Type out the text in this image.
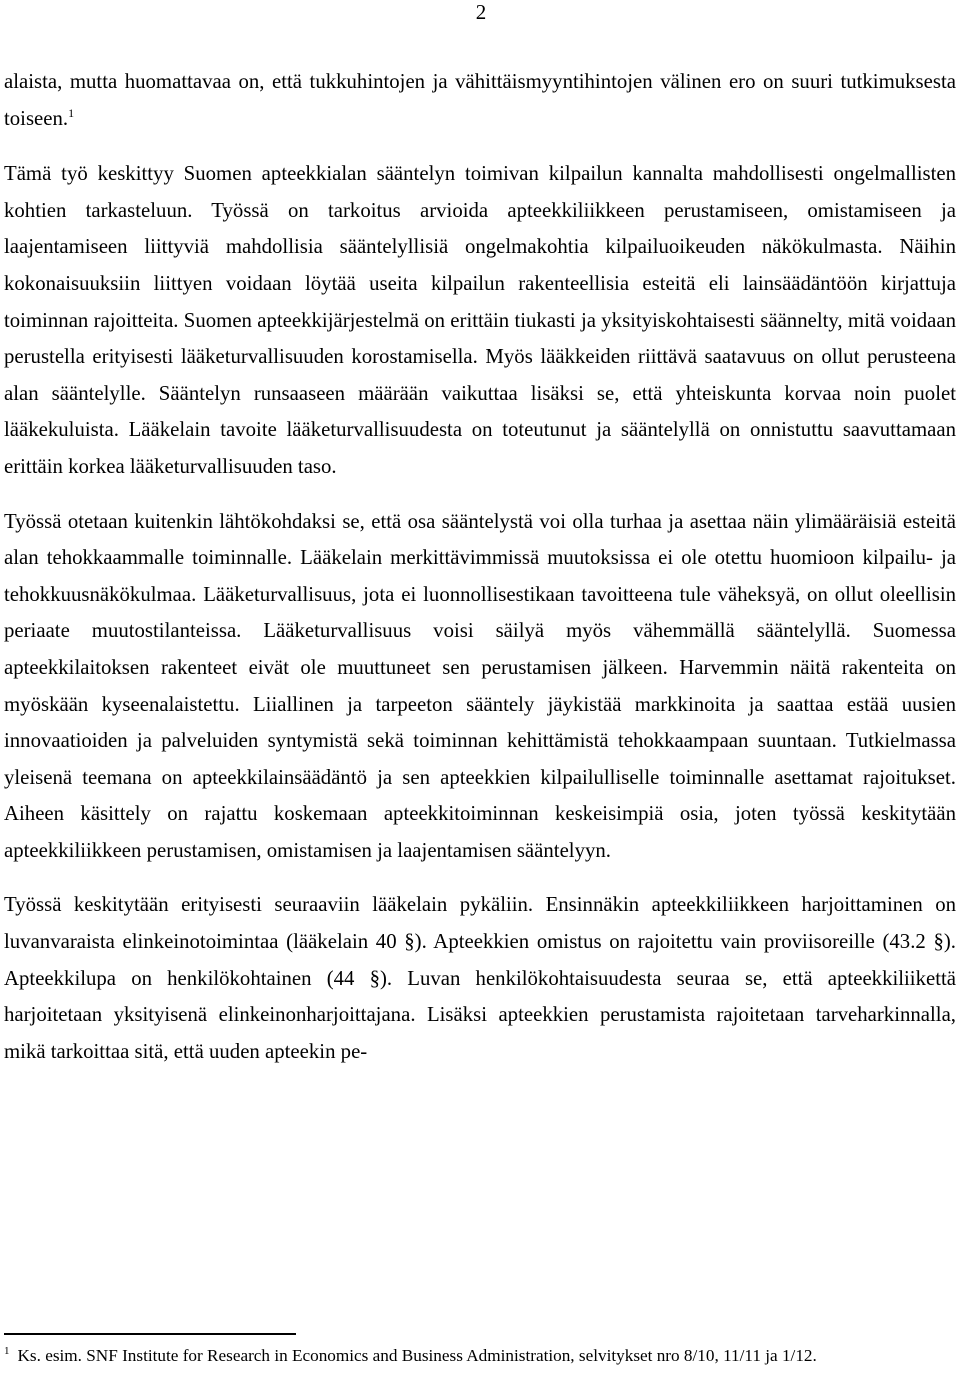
2

alaista, mutta huomattavaa on, että tukkuhintojen ja vähittäismyyntihintojen välinen ero on suuri tutkimuksesta toiseen.$^1$

Tämä työ keskittyy Suomen apteekkialan sääntelyn toimivan kilpailun kannalta mahdollisesti ongelmallisten kohtien tarkasteluun. Työssä on tarkoitus arvioida apteekkiliikkeen perustamiseen, omistamiseen ja laajentamiseen liittyviä mahdollisia sääntelyllisiä ongelmakohtia kilpailuoikeuden näkökulmasta. Näihin kokonaisuuksiin liittyen voidaan löytää useita kilpailun rakenteellisia esteitä eli lainsäädäntöön kirjattuja toiminnan rajoitteita. Suomen apteekkijärjestelmä on erittäin tiukasti ja yksityiskohtaisesti säännelty, mitä voidaan perustella erityisesti lääketurvallisuuden korostamisella. Myös lääkkeiden riittävä saatavuus on ollut perusteena alan sääntelylle. Sääntelyn runsaaseen määrään vaikuttaa lisäksi se, että yhteiskunta korvaa noin puolet lääkekuluista. Lääkelain tavoite lääketurvallisuudesta on toteutunut ja sääntelyllä on onnistuttu saavuttamaan erittäin korkea lääketurvallisuuden taso.

Työssä otetaan kuitenkin lähtökohdaksi se, että osa sääntelystä voi olla turhaa ja asettaa näin ylimääräisiä esteitä alan tehokkaammalle toiminnalle. Lääkelain merkittävimmissä muutoksissa ei ole otettu huomioon kilpailu- ja tehokkuusnäkökulmaa. Lääketurvallisuus, jota ei luonnollisestikaan tavoitteena tule väheksyä, on ollut oleellisin periaate muutostilanteissa. Lääketurvallisuus voisi säilyä myös vähemmällä sääntelyllä. Suomessa apteekkilaitoksen rakenteet eivät ole muuttuneet sen perustamisen jälkeen. Harvemmin näitä rakenteita on myöskään kyseenalaistettu. Liiallinen ja tarpeeton sääntely jäykistää markkinoita ja saattaa estää uusien innovaatioiden ja palveluiden syntymistä sekä toiminnan kehittämistä tehokkaampaan suuntaan. Tutkielmassa yleisenä teemana on apteekkilainsäädäntö ja sen apteekkien kilpailulliselle toiminnalle asettamat rajoitukset. Aiheen käsittely on rajattu koskemaan apteekkitoiminnan keskeisimpiä osia, joten työssä keskitytään apteekkiliikkeen perustamisen, omistamisen ja laajentamisen sääntelyyn.

Työssä keskitytään erityisesti seuraaviin lääkelain pykäliin. Ensinnäkin apteekkiliikkeen harjoittaminen on luvanvaraista elinkeinotoimintaa (lääkelain 40 §). Apteekkien omistus on rajoitettu vain proviisoreille (43.2 §). Apteekkilupa on henkilökohtainen (44 §). Luvan henkilökohtaisuudesta seuraa se, että apteekkiliikettä harjoitetaan yksityisenä elinkeinonharjoittajana. Lisäksi apteekkien perustamista rajoitetaan tarveharkinnalla, mikä tarkoittaa sitä, että uuden apteekin pe-

$^1$ Ks. esim. SNF Institute for Research in Economics and Business Administration, selvitykset nro 8/10, 11/11 ja 1/12.
